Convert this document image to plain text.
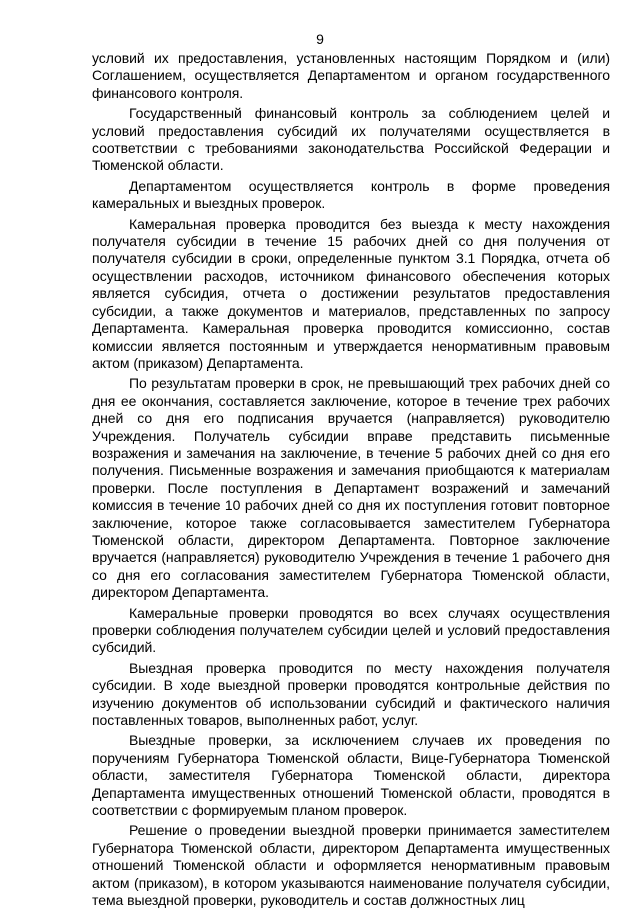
9

условий их предоставления, установленных настоящим Порядком и (или) Соглашением, осуществляется Департаментом и органом государственного финансового контроля.

Государственный финансовый контроль за соблюдением целей и условий предоставления субсидий их получателями осуществляется в соответствии с требованиями законодательства Российской Федерации и Тюменской области.

Департаментом осуществляется контроль в форме проведения камеральных и выездных проверок.

Камеральная проверка проводится без выезда к месту нахождения получателя субсидии в течение 15 рабочих дней со дня получения от получателя субсидии в сроки, определенные пунктом 3.1 Порядка, отчета об осуществлении расходов, источником финансового обеспечения которых является субсидия, отчета о достижении результатов предоставления субсидии, а также документов и материалов, представленных по запросу Департамента. Камеральная проверка проводится комиссионно, состав комиссии является постоянным и утверждается ненормативным правовым актом (приказом) Департамента.

По результатам проверки в срок, не превышающий трех рабочих дней со дня ее окончания, составляется заключение, которое в течение трех рабочих дней со дня его подписания вручается (направляется) руководителю Учреждения. Получатель субсидии вправе представить письменные возражения и замечания на заключение, в течение 5 рабочих дней со дня его получения. Письменные возражения и замечания приобщаются к материалам проверки. После поступления в Департамент возражений и замечаний комиссия в течение 10 рабочих дней со дня их поступления готовит повторное заключение, которое также согласовывается заместителем Губернатора Тюменской области, директором Департамента. Повторное заключение вручается (направляется) руководителю Учреждения в течение 1 рабочего дня со дня его согласования заместителем Губернатора Тюменской области, директором Департамента.

Камеральные проверки проводятся во всех случаях осуществления проверки соблюдения получателем субсидии целей и условий предоставления субсидий.

Выездная проверка проводится по месту нахождения получателя субсидии. В ходе выездной проверки проводятся контрольные действия по изучению документов об использовании субсидий и фактического наличия поставленных товаров, выполненных работ, услуг.

Выездные проверки, за исключением случаев их проведения по поручениям Губернатора Тюменской области, Вице-Губернатора Тюменской области, заместителя Губернатора Тюменской области, директора Департамента имущественных отношений Тюменской области, проводятся в соответствии с формируемым планом проверок.

Решение о проведении выездной проверки принимается заместителем Губернатора Тюменской области, директором Департамента имущественных отношений Тюменской области и оформляется ненормативным правовым актом (приказом), в котором указываются наименование получателя субсидии, тема выездной проверки, руководитель и состав должностных лиц
